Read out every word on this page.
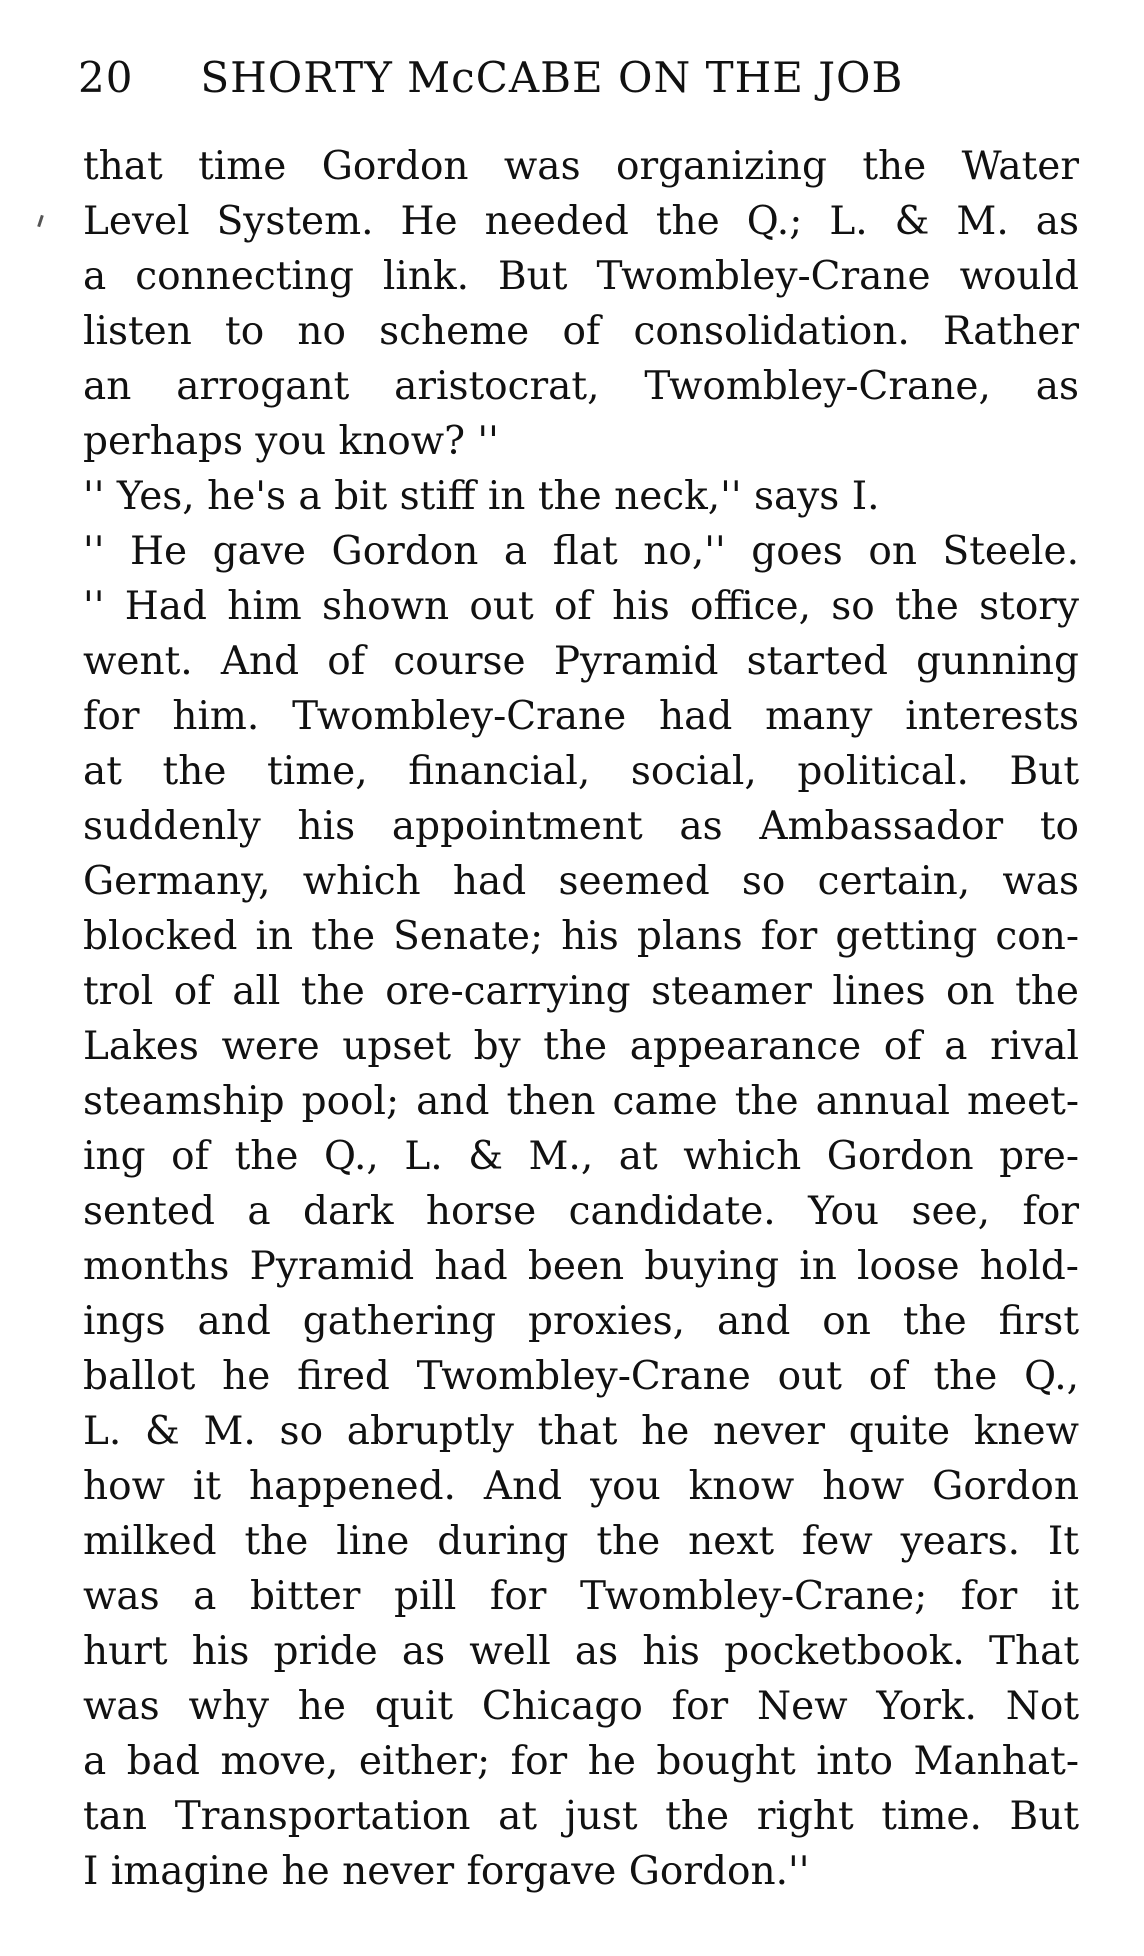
20 SHORTY McCABE ON THE JOB
that time Gordon was organizing the Water
Level System. He needed the Q.; L. & M. as
a connecting link. But Twombley-Crane would
listen to no scheme of consolidation. Rather
an arrogant aristocrat, Twombley-Crane, as
perhaps you know? ''
'' Yes, he's a bit stiff in the neck,'' says I.
'' He gave Gordon a flat no,'' goes on Steele.
'' Had him shown out of his office, so the story
went. And of course Pyramid started gunning
for him. Twombley-Crane had many interests
at the time, financial, social, political. But
suddenly his appointment as Ambassador to
Germany, which had seemed so certain, was
blocked in the Senate; his plans for getting con-
trol of all the ore-carrying steamer lines on the
Lakes were upset by the appearance of a rival
steamship pool; and then came the annual meet-
ing of the Q., L. & M., at which Gordon pre-
sented a dark horse candidate. You see, for
months Pyramid had been buying in loose hold-
ings and gathering proxies, and on the first
ballot he fired Twombley-Crane out of the Q.,
L. & M. so abruptly that he never quite knew
how it happened. And you know how Gordon
milked the line during the next few years. It
was a bitter pill for Twombley-Crane; for it
hurt his pride as well as his pocketbook. That
was why he quit Chicago for New York. Not
a bad move, either; for he bought into Manhat-
tan Transportation at just the right time. But
I imagine he never forgave Gordon.''
